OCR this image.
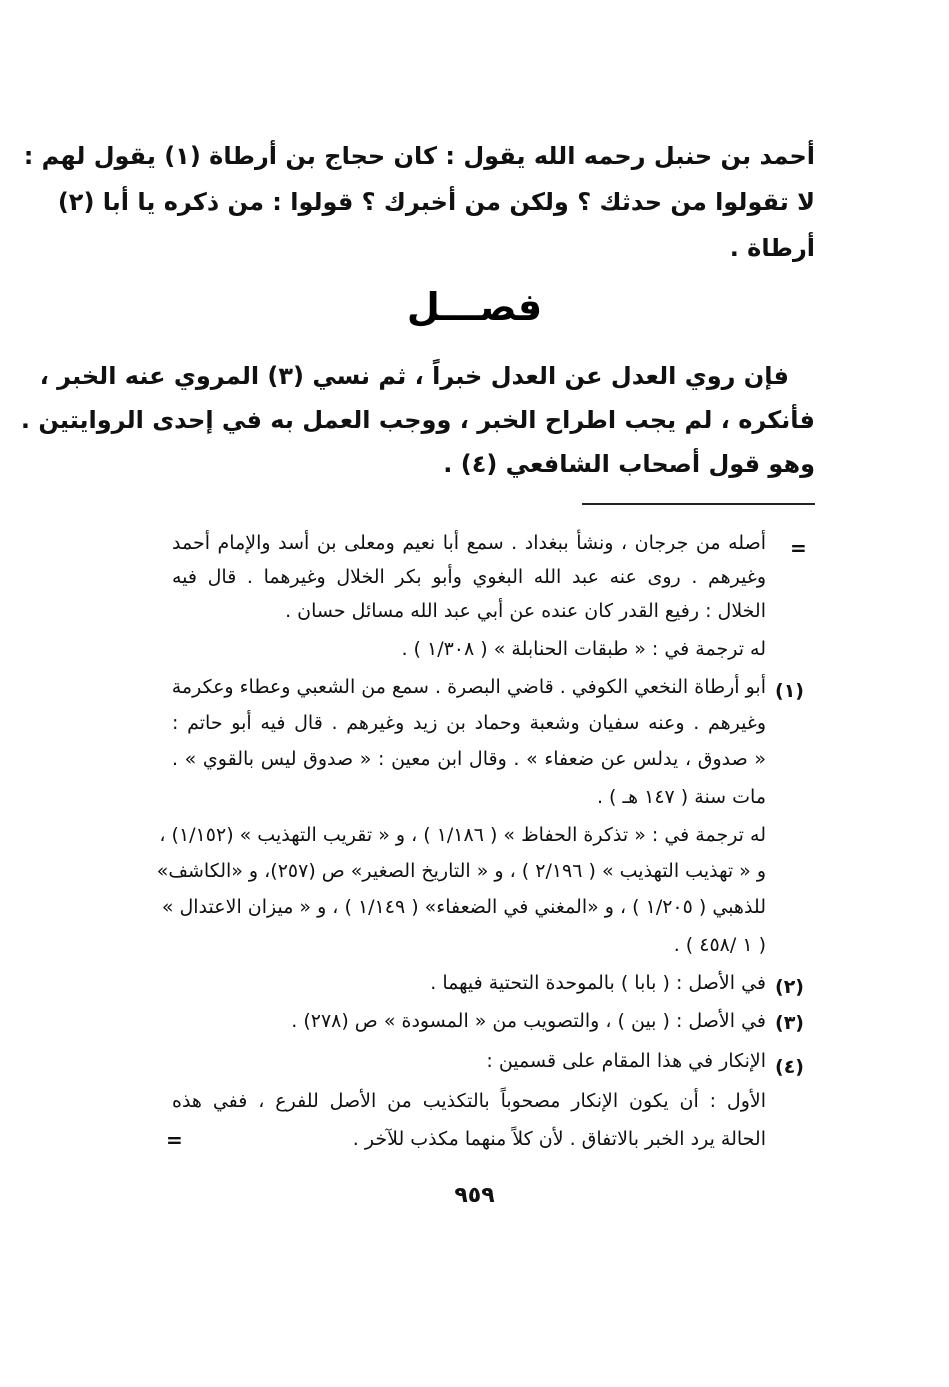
أحمد بن حنبل رحمه الله يقول : كان حجاج بن أرطاة (١) يقول لهم :
لا تقولوا من حدثك ؟ ولكن من أخبرك ؟ قولوا : من ذكره يا أبا (٢)
أرطاة .
فصـــل
فإن روي العدل عن العدل خبراً ، ثم نسي (٣) المروي عنه الخبر ،
فأنكره ، لم يجب اطراح الخبر ، ووجب العمل به في إحدى الروايتين .
وهو قول أصحاب الشافعي (٤) .
=
أصله من جرجان ، ونشأ ببغداد . سمع أبا نعيم ومعلى بن أسد والإمام أحمد
وغيرهم . روى عنه عبد الله البغوي وأبو بكر الخلال وغيرهما . قال فيه
الخلال : رفيع القدر كان عنده عن أبي عبد الله مسائل حسان .
له ترجمة في : « طبقات الحنابلة » ( ١/٣٠٨ ) .
(١)
أبو أرطاة النخعي الكوفي . قاضي البصرة . سمع من الشعبي وعطاء وعكرمة
وغيرهم . وعنه سفيان وشعبة وحماد بن زيد وغيرهم . قال فيه أبو حاتم :
« صدوق ، يدلس عن ضعفاء » . وقال ابن معين : « صدوق ليس بالقوي » .
مات سنة ( ١٤٧ هـ ) .
له ترجمة في : « تذكرة الحفاظ » ( ١/١٨٦ ) ، و « تقريب التهذيب » (١/١٥٢) ،
و « تهذيب التهذيب » ( ٢/١٩٦ ) ، و « التاريخ الصغير» ص (٢٥٧)، و «الكاشف»
للذهبي ( ١/٢٠٥ ) ، و «المغني في الضعفاء» ( ١/١٤٩ ) ، و « ميزان الاعتدال »
( ١ /٤٥٨ ) .
(٢)
في الأصل : ( بابا ) بالموحدة التحتية فيهما .
(٣)
في الأصل : ( بين ) ، والتصويب من « المسودة » ص (٢٧٨) .
(٤)
الإنكار في هذا المقام على قسمين :
الأول : أن يكون الإنكار مصحوباً بالتكذيب من الأصل للفرع ، ففي هذه
الحالة يرد الخبر بالاتفاق . لأن كلاً منهما مكذب للآخر .
=
٩٥٩
